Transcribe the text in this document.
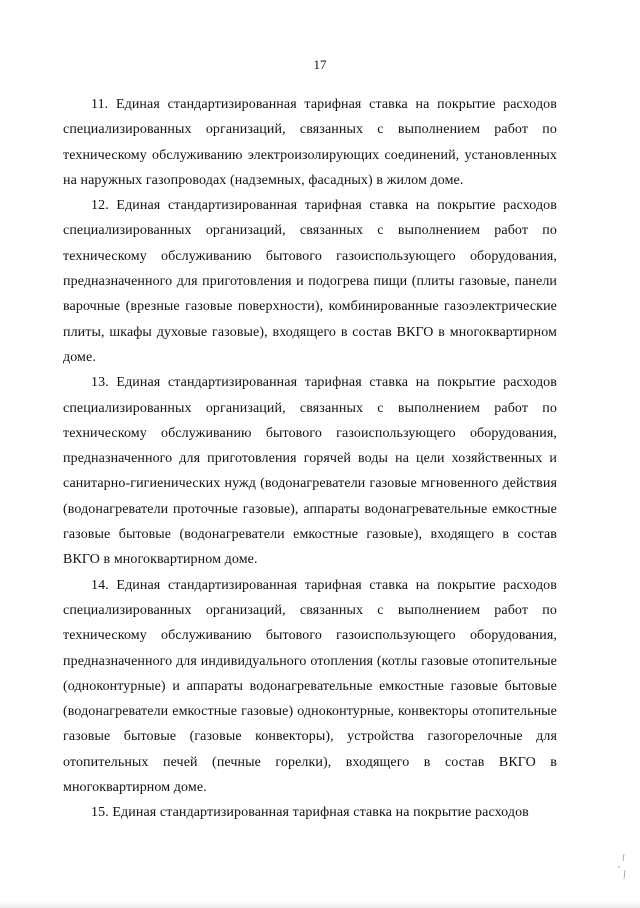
17

11. Единая стандартизированная тарифная ставка на покрытие расходов специализированных организаций, связанных с выполнением работ по техническому обслуживанию электроизолирующих соединений, установленных на наружных газопроводах (надземных, фасадных) в жилом доме.

12. Единая стандартизированная тарифная ставка на покрытие расходов специализированных организаций, связанных с выполнением работ по техническому обслуживанию бытового газоиспользующего оборудования, предназначенного для приготовления и подогрева пищи (плиты газовые, панели варочные (врезные газовые поверхности), комбинированные газоэлектрические плиты, шкафы духовые газовые), входящего в состав ВКГО в многоквартирном доме.

13. Единая стандартизированная тарифная ставка на покрытие расходов специализированных организаций, связанных с выполнением работ по техническому обслуживанию бытового газоиспользующего оборудования, предназначенного для приготовления горячей воды на цели хозяйственных и санитарно-гигиенических нужд (водонагреватели газовые мгновенного действия (водонагреватели проточные газовые), аппараты водонагревательные емкостные газовые бытовые (водонагреватели емкостные газовые), входящего в состав ВКГО в многоквартирном доме.

14. Единая стандартизированная тарифная ставка на покрытие расходов специализированных организаций, связанных с выполнением работ по техническому обслуживанию бытового газоиспользующего оборудования, предназначенного для индивидуального отопления (котлы газовые отопительные (одноконтурные) и аппараты водонагревательные емкостные газовые бытовые (водонагреватели емкостные газовые) одноконтурные, конвекторы отопительные газовые бытовые (газовые конвекторы), устройства газогорелочные для отопительных печей (печные горелки), входящего в состав ВКГО в многоквартирном доме.

15. Единая стандартизированная тарифная ставка на покрытие расходов
